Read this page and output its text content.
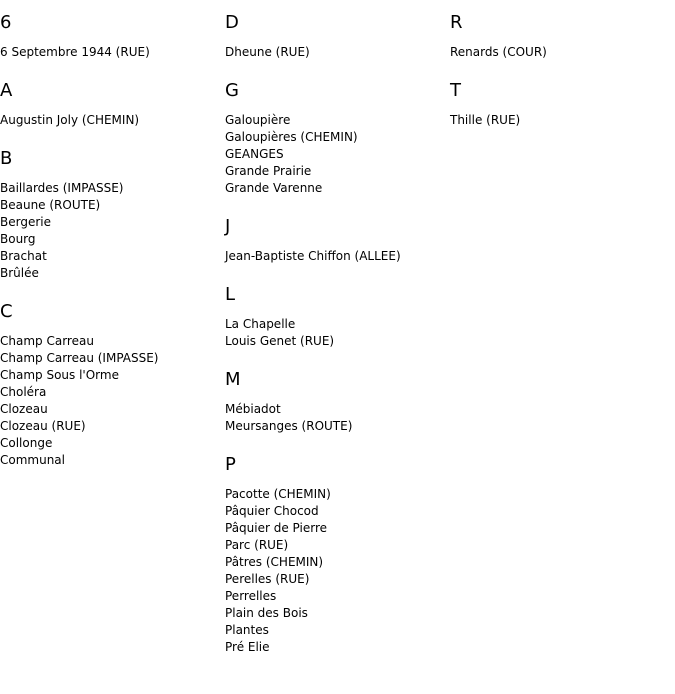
6
6 Septembre 1944 (RUE)
A
Augustin Joly (CHEMIN)
B
Baillardes (IMPASSE)
Beaune (ROUTE)
Bergerie
Bourg
Brachat
Brûlée
C
Champ Carreau
Champ Carreau (IMPASSE)
Champ Sous l'Orme
Choléra
Clozeau
Clozeau (RUE)
Collonge
Communal
D
Dheune (RUE)
G
Galoupière
Galoupières (CHEMIN)
GEANGES
Grande Prairie
Grande Varenne
J
Jean-Baptiste Chiffon (ALLEE)
L
La Chapelle
Louis Genet (RUE)
M
Mébiadot
Meursanges (ROUTE)
P
Pacotte (CHEMIN)
Pâquier Chocod
Pâquier de Pierre
Parc (RUE)
Pâtres (CHEMIN)
Perelles (RUE)
Perrelles
Plain des Bois
Plantes
Pré Elie
R
Renards (COUR)
T
Thille (RUE)
